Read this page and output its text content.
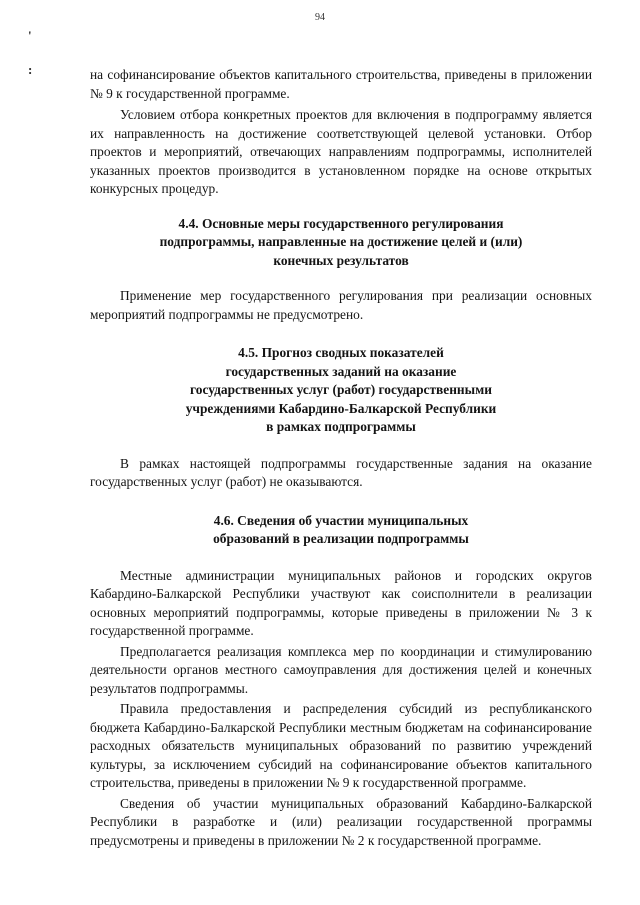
94
'
:	на софинансирование объектов капитального строительства, приведены в приложении № 9 к государственной программе.

Условием отбора конкретных проектов для включения в подпрограмму является их направленность на достижение соответствующей целевой установки. Отбор проектов и мероприятий, отвечающих направлениям подпрограммы, исполнителей указанных проектов производится в установленном порядке на основе открытых конкурсных процедур.

4.4. Основные меры государственного регулирования

подпрограммы, направленные на достижение целей и (или)

конечных результатов

Применение мер государственного регулирования при реализации основных мероприятий подпрограммы не предусмотрено.

4.5. Прогноз сводных показателей

государственных заданий на оказание

государственных услуг (работ) государственными

учреждениями Кабардино-Балкарской Республики

в рамках подпрограммы

В рамках настоящей подпрограммы государственные задания на оказание государственных услуг (работ) не оказываются.

4.6. Сведения об участии муниципальных

образований в реализации подпрограммы

Местные администрации муниципальных районов и городских округов Кабардино-Балкарской Республики участвуют как соисполнители в реализации основных мероприятий подпрограммы, которые приведены в приложении № 3 к государственной программе.

Предполагается реализация комплекса мер по координации и стимулированию деятельности органов местного самоуправления для достижения целей и конечных результатов подпрограммы.

Правила предоставления и распределения субсидий из республиканского бюджета Кабардино-Балкарской Республики местным бюджетам на софинансирование расходных обязательств муниципальных образований по развитию учреждений культуры, за исключением субсидий на софинансирование объектов капитального строительства, приведены в приложении № 9 к государственной программе.

Сведения об участии муниципальных образований Кабардино-Балкарской Республики в разработке и (или) реализации государственной программы предусмотрены и приведены в приложении № 2 к государственной программе.
